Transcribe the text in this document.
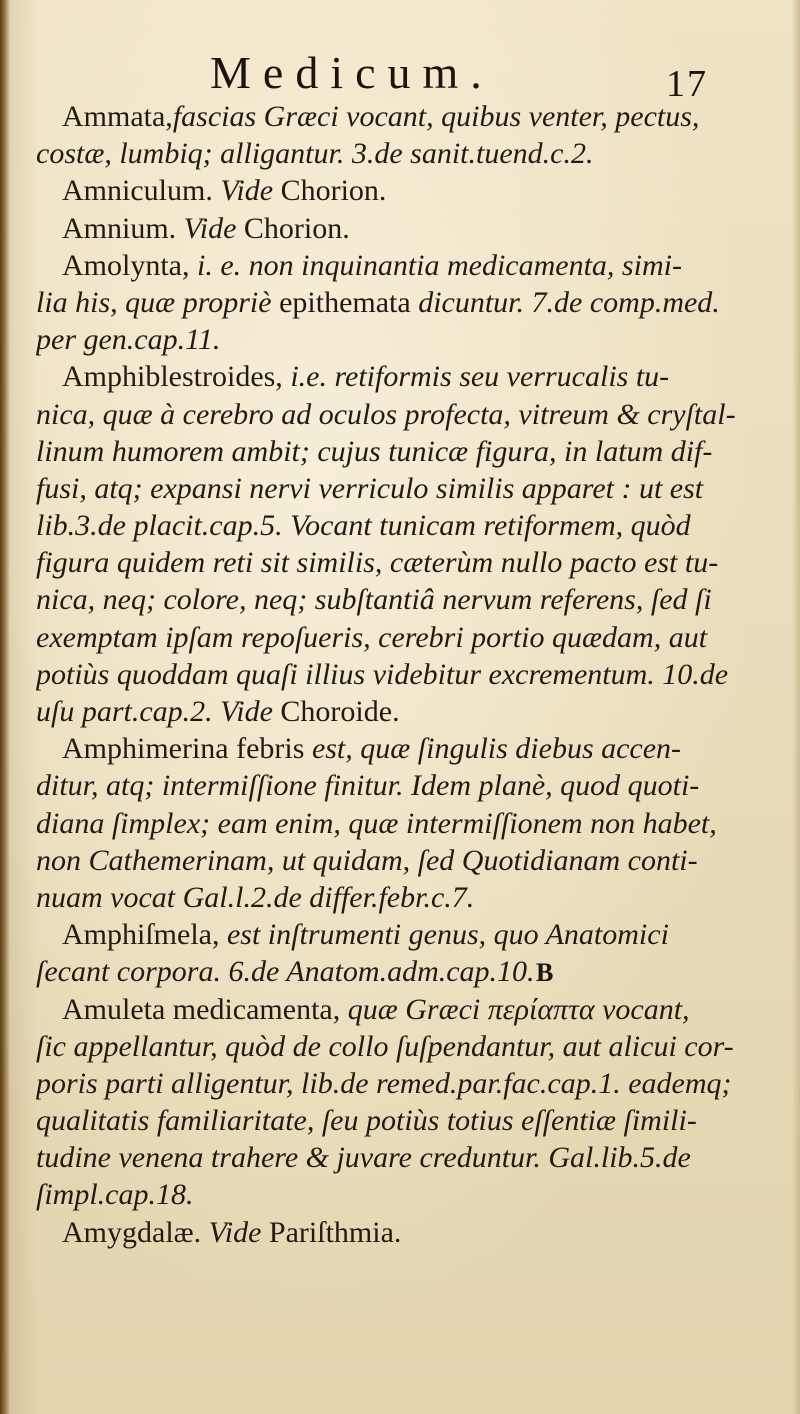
Medicum.	17
Ammata,fascias Græci vocant, quibus venter, pectus,
costæ, lumbiq; alligantur. 3.de sanit.tuend.c.2.
Amniculum. Vide Chorion.
Amnium. Vide Chorion.
Amolynta, i. e. non inquinantia medicamenta, simi-
lia his, quæ propriè epithemata dicuntur. 7.de comp.med.
per gen.cap.11.
Amphiblestroides, i.e. retiformis seu verrucalis tu-
nica, quæ à cerebro ad oculos profecta, vitreum & cryſtal-
linum humorem ambit; cujus tunicæ figura, in latum dif-
fusi, atq; expansi nervi verriculo similis apparet : ut est
lib.3.de placit.cap.5. Vocant tunicam retiformem, quòd
figura quidem reti sit similis, cæterùm nullo pacto est tu-
nica, neq; colore, neq; subſtantiâ nervum referens, ſed ſi
exemptam ipſam repoſueris, cerebri portio quædam, aut
potiùs quoddam quaſi illius videbitur excrementum. 10.de
uſu part.cap.2. Vide Choroide.
Amphimerina febris est, quæ ſingulis diebus accen-
ditur, atq; intermiſſione finitur. Idem planè, quod quoti-
diana ſimplex; eam enim, quæ intermiſſionem non habet,
non Cathemerinam, ut quidam, ſed Quotidianam conti-
nuam vocat Gal.l.2.de differ.febr.c.7.
Amphiſmela, est inſtrumenti genus, quo Anatomici
ſecant corpora. 6.de Anatom.adm.cap.10.
Amuleta medicamenta, quæ Græci περίαπτα vocant,
ſic appellantur, quòd de collo ſuſpendantur, aut alicui cor-
poris parti alligentur, lib.de remed.par.fac.cap.1. eademq;
qualitatis familiaritate, ſeu potiùs totius eſſentiæ ſimili-
tudine venena trahere & juvare creduntur. Gal.lib.5.de
ſimpl.cap.18.
Amygdalæ. Vide Pariſthmia.
B
